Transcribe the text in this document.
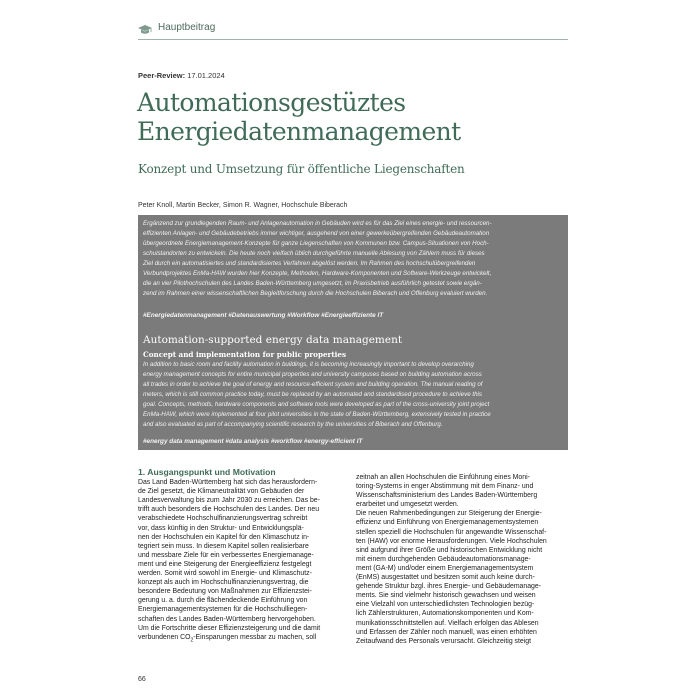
Hauptbeitrag
Peer-Review: 17.01.2024
Automationsgestüztes
Energiedatenmanagement
Konzept und Umsetzung für öffentliche Liegenschaften
Peter Knoll, Martin Becker, Simon R. Wagner, Hochschule Biberach
Ergänzend zur grundlegenden Raum- und Anlagenautomation in Gebäuden wird es für das Ziel eines energie- und ressourcen-
effizienten Anlagen- und Gebäudebetriebs immer wichtiger, ausgehend von einer gewerkeübergreifenden Gebäudeautomation
übergeordnete Energiemanagement-Konzepte für ganze Liegenschaften von Kommunen bzw. Campus-Situationen von Hoch-
schulstandorten zu entwickeln. Die heute noch vielfach üblich durchgeführte manuelle Ablesung von Zählern muss für dieses
Ziel durch ein automatisiertes und standardisiertes Verfahren abgelöst werden. Im Rahmen des hochschulübergreifenden
Verbundprojektes EnMa-HAW wurden hier Konzepte, Methoden, Hardware-Komponenten und Software-Werkzeuge entwickelt,
die an vier Pilothochschulen des Landes Baden-Württemberg umgesetzt, im Praxisbetrieb ausführlich getestet sowie ergän-
zend im Rahmen einer wissenschaftlichen Begleitforschung durch die Hochschulen Biberach und Offenburg evaluiert wurden.
#Energiedatenmanagement #Datenauswertung #Workflow #Energieeffiziente IT
Automation-supported energy data management
Concept and implementation for public properties
In addition to basic room and facility automation in buildings, it is becoming increasingly important to develop overarching
energy management concepts for entire municipal properties and university campuses based on building automation across
all trades in order to achieve the goal of energy and resource-efficient system and building operation. The manual reading of
meters, which is still common practice today, must be replaced by an automated and standardised procedure to achieve this
goal. Concepts, methods, hardware components and software tools were developed as part of the cross-university joint project
EnMa-HAW, which were implemented at four pilot universities in the state of Baden-Württemberg, extensively tested in practice
and also evaluated as part of accompanying scientific research by the universities of Biberach and Offenburg.
#energy data management #data analysis #workflow #energy-efficient IT
1. Ausgangspunkt und Motivation

Das Land Baden-Württemberg hat sich das herausfordern-

de Ziel gesetzt, die Klimaneutralität von Gebäuden der

Landesverwaltung bis zum Jahr 2030 zu erreichen. Das be-

trifft auch besonders die Hochschulen des Landes. Der neu

verabschiedete Hochschulfinanzierungsvertrag schreibt

vor, dass künftig in den Struktur- und Entwicklungsplä-

nen der Hochschulen ein Kapitel für den Klimaschutz in-

tegriert sein muss. In diesem Kapitel sollen realisierbare

und messbare Ziele für ein verbessertes Energiemanage-

ment und eine Steigerung der Energieeffizienz festgelegt

werden. Somit wird sowohl im Energie- und Klimaschutz-

konzept als auch im Hochschulfinanzierungsvertrag, die

besondere Bedeutung von Maßnahmen zur Effizienzstei-

gerung u. a. durch die flächendeckende Einführung von

Energiemanagementsystemen für die Hochschulliegen-

schaften des Landes Baden-Württemberg hervorgehoben.

Um die Fortschritte dieser Effizienzsteigerung und die damit

verbundenen $CO_2$-Einsparungen messbar zu machen, soll

zeitnah an allen Hochschulen die Einführung eines Moni-

toring-Systems in enger Abstimmung mit dem Finanz- und

Wissenschaftsministerium des Landes Baden-Württemberg

erarbeitet und umgesetzt werden.

Die neuen Rahmenbedingungen zur Steigerung der Energie-

effizienz und Einführung von Energiemanagementsystemen

stellen speziell die Hochschulen für angewandte Wissenschaf-

ten (HAW) vor enorme Herausforderungen. Viele Hochschulen

sind aufgrund ihrer Größe und historischen Entwicklung nicht

mit einem durchgehenden Gebäudeautomationsmanage-

ment (GA-M) und/oder einem Energiemanagementsystem

(EnMS) ausgestattet und besitzen somit auch keine durch-

gehende Struktur bzgl. ihres Energie- und Gebäudemanage-

ments. Sie sind vielmehr historisch gewachsen und weisen

eine Vielzahl von unterschiedlichsten Technologien bezüg-

lich Zählerstrukturen, Automationskomponenten und Kom-

munikationsschnittstellen auf. Vielfach erfolgen das Ablesen

und Erfassen der Zähler noch manuell, was einen erhöhten

Zeitaufwand des Personals verursacht. Gleichzeitig steigt

66
